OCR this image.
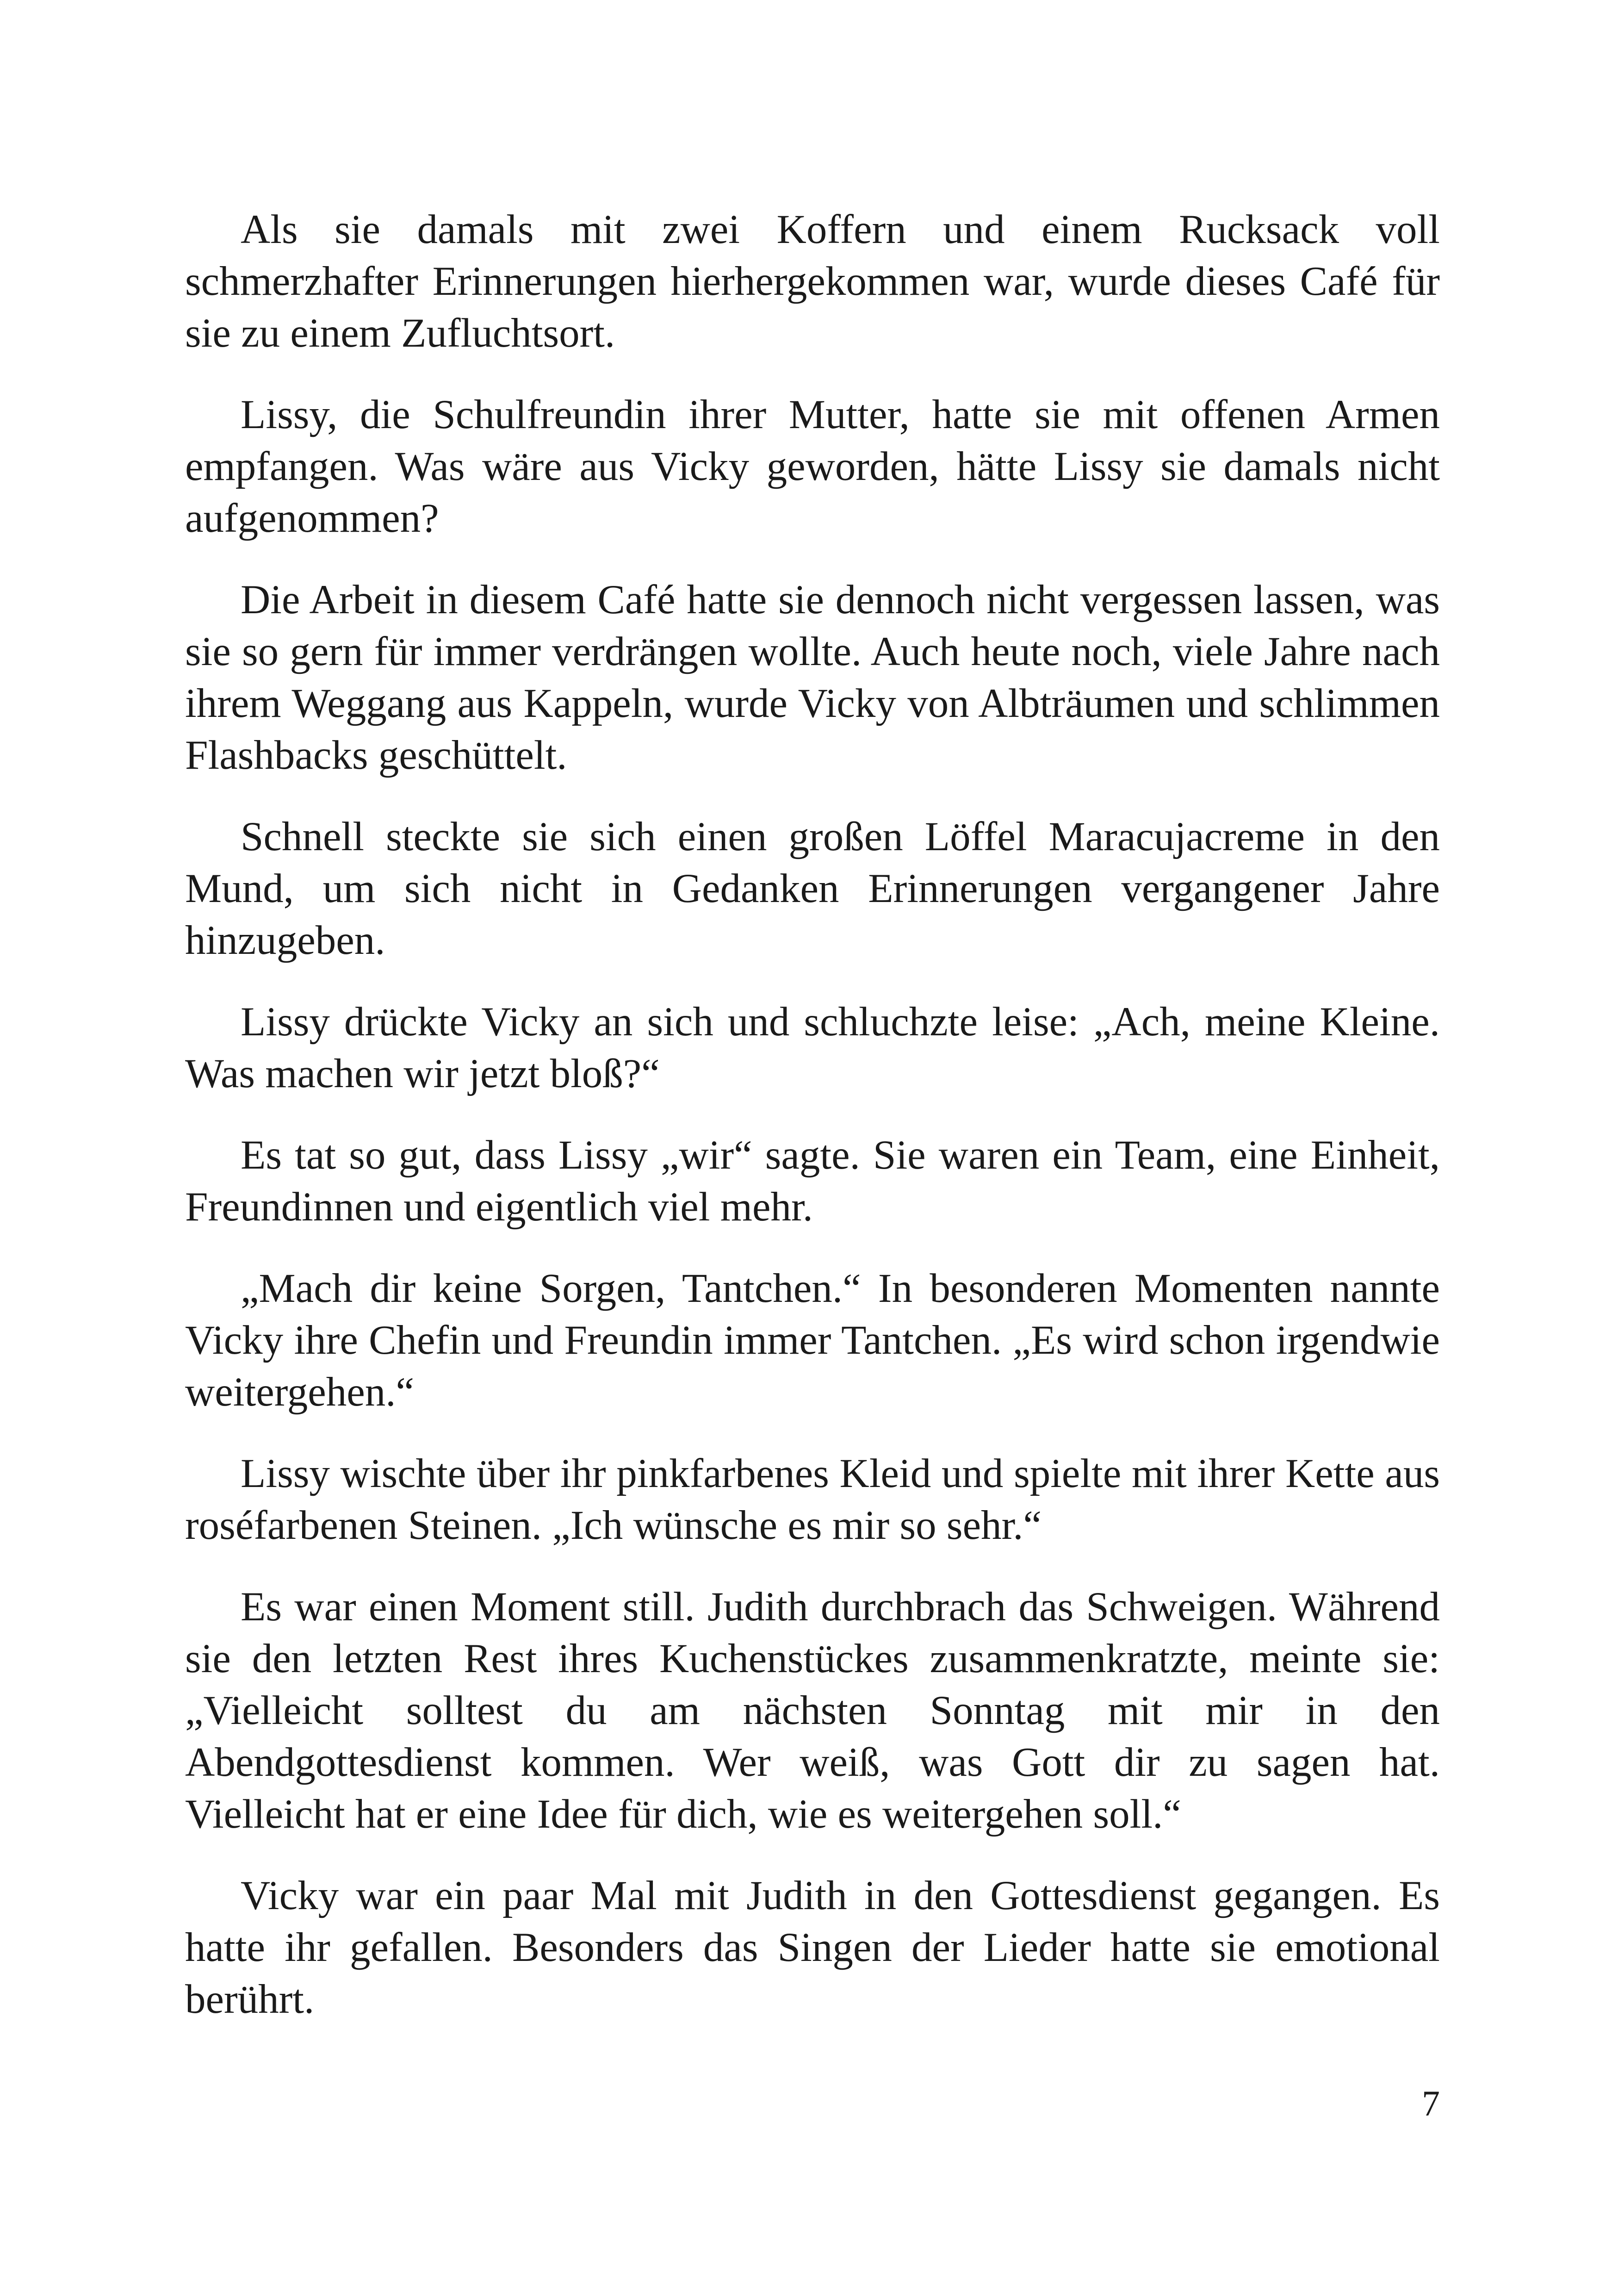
Als sie damals mit zwei Koffern und einem Rucksack voll schmerzhafter Erinnerungen hierhergekommen war, wurde dieses Café für sie zu einem Zufluchtsort.

Lissy, die Schulfreundin ihrer Mutter, hatte sie mit offenen Armen empfangen. Was wäre aus Vicky geworden, hätte Lissy sie damals nicht aufgenommen?

Die Arbeit in diesem Café hatte sie dennoch nicht vergessen lassen, was sie so gern für immer verdrängen wollte. Auch heute noch, viele Jahre nach ihrem Weggang aus Kappeln, wurde Vicky von Albträumen und schlimmen Flashbacks geschüttelt.

Schnell steckte sie sich einen großen Löffel Maracujacreme in den Mund, um sich nicht in Gedanken Erinnerungen vergangener Jahre hinzugeben.

Lissy drückte Vicky an sich und schluchzte leise: „Ach, meine Kleine. Was machen wir jetzt bloß?“

Es tat so gut, dass Lissy „wir“ sagte. Sie waren ein Team, eine Einheit, Freundinnen und eigentlich viel mehr.

„Mach dir keine Sorgen, Tantchen.“ In besonderen Momenten nannte Vicky ihre Chefin und Freundin immer Tantchen. „Es wird schon irgendwie weitergehen.“

Lissy wischte über ihr pinkfarbenes Kleid und spielte mit ihrer Kette aus roséfarbenen Steinen. „Ich wünsche es mir so sehr.“

Es war einen Moment still. Judith durchbrach das Schweigen. Während sie den letzten Rest ihres Kuchenstückes zusammenkratzte, meinte sie: „Vielleicht solltest du am nächsten Sonntag mit mir in den Abendgottesdienst kommen. Wer weiß, was Gott dir zu sagen hat. Vielleicht hat er eine Idee für dich, wie es weitergehen soll.“

Vicky war ein paar Mal mit Judith in den Gottesdienst gegangen. Es hatte ihr gefallen. Besonders das Singen der Lieder hatte sie emotional berührt.

7
